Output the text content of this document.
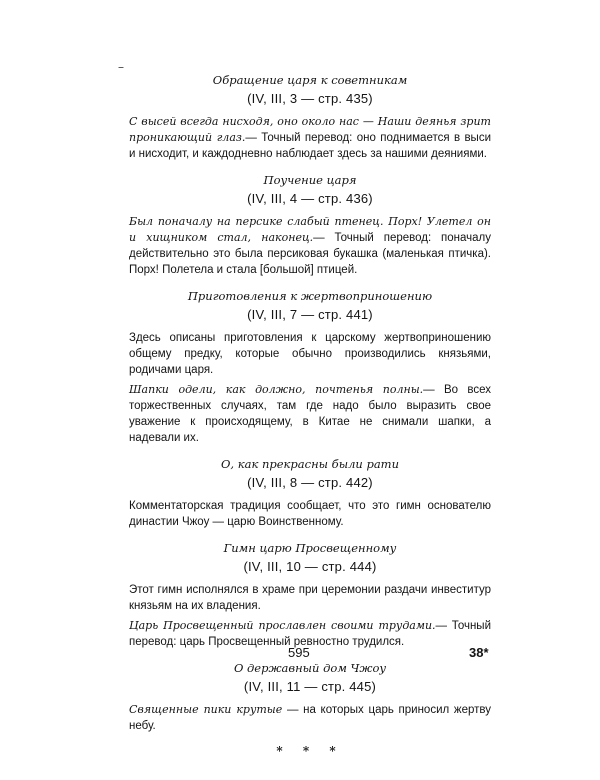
–

Обращение царя к советникам

(IV, III, 3 — стр. 435)

С высей всегда нисходя, оно около нас — Наши деянья зрит проникающий глаз.— Точный перевод: оно поднимается в выси и нисходит, и каждодневно наблюдает здесь за нашими деяниями.

Поучение царя

(IV, III, 4 — стр. 436)

Был поначалу на персике слабый птенец. Порх! Улетел он и хищником стал, наконец.— Точный перевод: поначалу действительно это была персиковая букашка (маленькая птичка). Порх! Полетела и стала [большой] птицей.

Приготовления к жертвоприношению

(IV, III, 7 — стр. 441)

Здесь описаны приготовления к царскому жертвоприношению общему предку, которые обычно производились князьями, родичами царя.

Шапки одели, как должно, почтенья полны.— Во всех торжественных случаях, там где надо было выразить свое уважение к происходящему, в Китае не снимали шапки, а надевали их.

О, как прекрасны были рати

(IV, III, 8 — стр. 442)

Комментаторская традиция сообщает, что это гимн основателю династии Чжоу — царю Воинственному.

Гимн царю Просвещенному

(IV, III, 10 — стр. 444)

Этот гимн исполнялся в храме при церемонии раздачи инвеститур князьям на их владения.

Царь Просвещенный прославлен своими трудами.— Точный перевод: царь Просвещенный ревностно трудился.

О державный дом Чжоу

(IV, III, 11 — стр. 445)

Священные пики крутые — на которых царь приносил жертву небу.

* * *
595	38*
